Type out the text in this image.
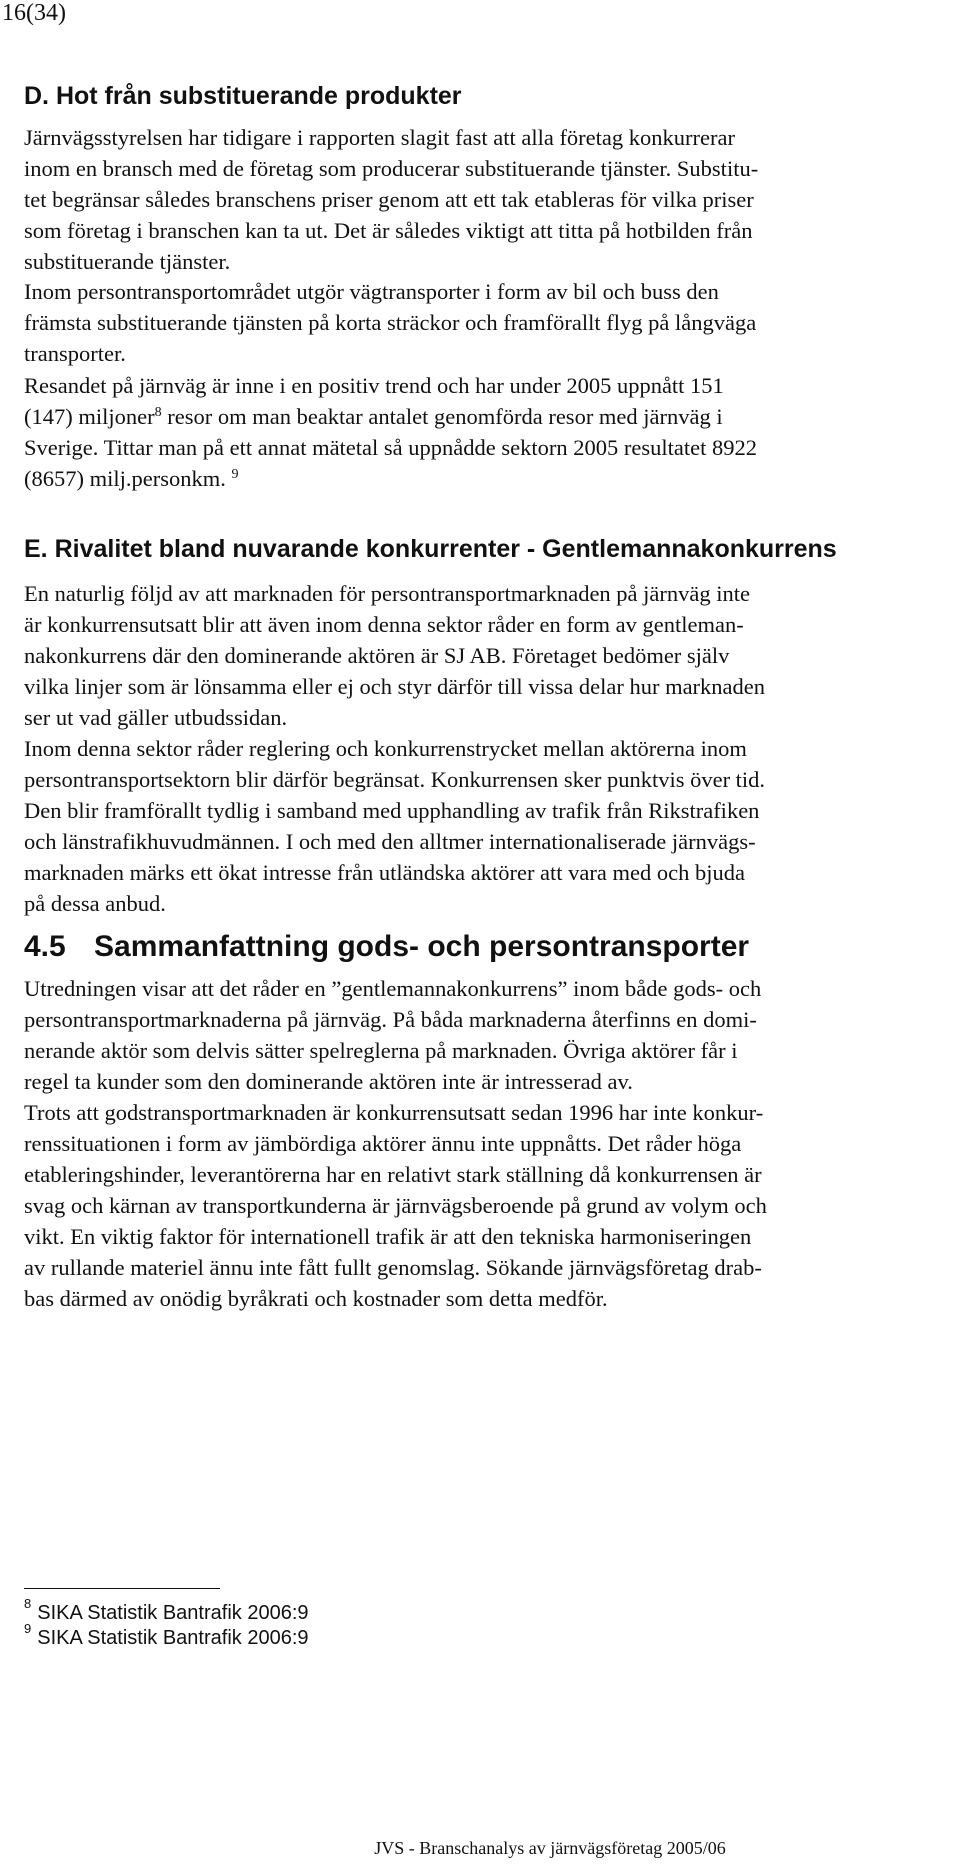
16(34)
D. Hot från substituerande produkter
Järnvägsstyrelsen har tidigare i rapporten slagit fast att alla företag konkurrerar
inom en bransch med de företag som producerar substituerande tjänster. Substitu-
tet begränsar således branschens priser genom att ett tak etableras för vilka priser
som företag i branschen kan ta ut. Det är således viktigt att titta på hotbilden från
substituerande tjänster.
Inom persontransportområdet utgör vägtransporter i form av bil och buss den
främsta substituerande tjänsten på korta sträckor och framförallt flyg på långväga
transporter.
Resandet på järnväg är inne i en positiv trend och har under 2005 uppnått 151
(147) miljoner$^8$ resor om man beaktar antalet genomförda resor med järnväg i
Sverige. Tittar man på ett annat mätetal så uppnådde sektorn 2005 resultatet 8922
(8657) milj.personkm. $^9$
E. Rivalitet bland nuvarande konkurrenter - Gentlemannakonkurrens
En naturlig följd av att marknaden för persontransportmarknaden på järnväg inte
är konkurrensutsatt blir att även inom denna sektor råder en form av gentleman-
nakonkurrens där den dominerande aktören är SJ AB. Företaget bedömer själv
vilka linjer som är lönsamma eller ej och styr därför till vissa delar hur marknaden
ser ut vad gäller utbudssidan.
Inom denna sektor råder reglering och konkurrenstrycket mellan aktörerna inom
persontransportsektorn blir därför begränsat. Konkurrensen sker punktvis över tid.
Den blir framförallt tydlig i samband med upphandling av trafik från Rikstrafiken
och länstrafikhuvudmännen. I och med den alltmer internationaliserade järnvägs-
marknaden märks ett ökat intresse från utländska aktörer att vara med och bjuda
på dessa anbud.
4.5 Sammanfattning gods- och persontransporter
Utredningen visar att det råder en ”gentlemannakonkurrens” inom både gods- och
persontransportmarknaderna på järnväg. På båda marknaderna återfinns en domi-
nerande aktör som delvis sätter spelreglerna på marknaden. Övriga aktörer får i
regel ta kunder som den dominerande aktören inte är intresserad av.
Trots att godstransportmarknaden är konkurrensutsatt sedan 1996 har inte konkur-
renssituationen i form av jämbördiga aktörer ännu inte uppnåtts. Det råder höga
etableringshinder, leverantörerna har en relativt stark ställning då konkurrensen är
svag och kärnan av transportkunderna är järnvägsberoende på grund av volym och
vikt. En viktig faktor för internationell trafik är att den tekniska harmoniseringen
av rullande materiel ännu inte fått fullt genomslag. Sökande järnvägsföretag drab-
bas därmed av onödig byråkrati och kostnader som detta medför.
$^8$ SIKA Statistik Bantrafik 2006:9
$^9$ SIKA Statistik Bantrafik 2006:9
JVS - Branschanalys av järnvägsföretag 2005/06
